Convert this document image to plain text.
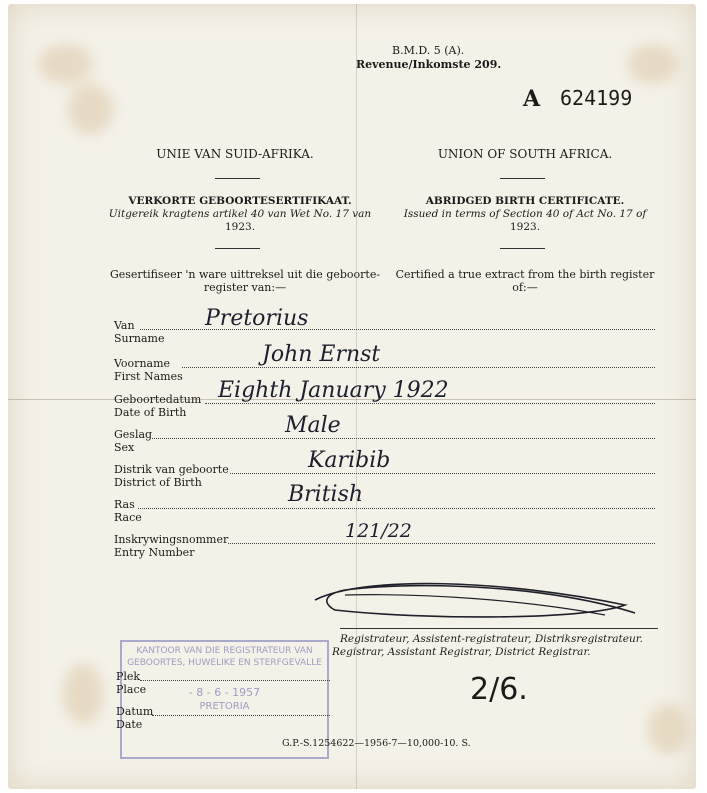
B.M.D. 5 (A).
Revenue/Inkomste 209.
A 624199
UNIE VAN SUID-AFRIKA.	UNION OF SOUTH AFRICA.
VERKORTE GEBOORTESERTIFIKAAT.
Uitgereik kragtens artikel 40 van Wet No. 17 van
1923.
ABRIDGED BIRTH CERTIFICATE.
Issued in terms of Section 40 of Act No. 17 of
1923.
Gesertifiseer 'n ware uittreksel uit die geboorte-
register van:—
Certified a true extract from the birth register
of:—
Van
Surname
Pretorius
Voorname
First Names
John Ernst
Geboortedatum
Date of Birth
Eighth January 1922
Geslag
Sex
Male
Distrik van geboorte
District of Birth
Karibib
Ras
Race
British
Inskrywingsnommer
Entry Number
121/22
Registrateur, Assistent-registrateur, Distriksregistrateur.
Registrar, Assistant Registrar, District Registrar.
KANTOOR VAN DIE REGISTRATEUR VAN
GEBOORTES, HUWELIKE EN STERFGEVALLE
- 8 - 6 - 1957
PRETORIA
Plek
Place
Datum
Date
2/6.
G.P.-S.1254622—1956-7—10,000-10. S.
